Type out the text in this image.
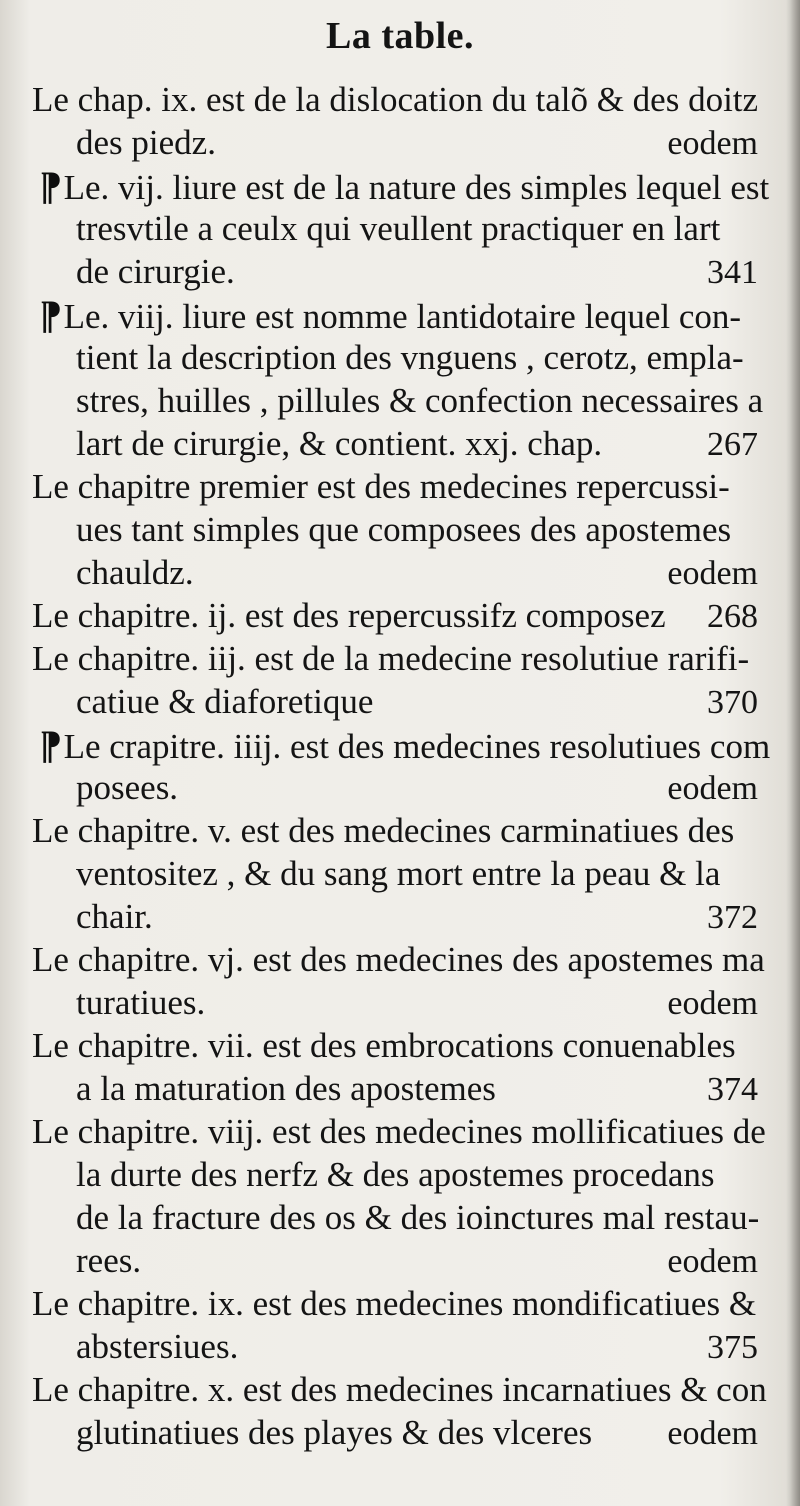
La table.
Le chap. ix. est de la dislocation du talõ & des doitz
des piedz.	eodem
¶Le. vij. liure est de la nature des simples lequel est
tresvtile a ceulx qui veullent practiquer en lart
de cirurgie.	341
¶Le. viij. liure est nomme lantidotaire lequel con-
tient la description des vnguens , cerotz, empla-
stres, huilles , pillules & confection necessaires a
lart de cirurgie, & contient. xxj. chap.	267
Le chapitre premier est des medecines repercussi-
ues tant simples que composees des apostemes
chauldz.	eodem
Le chapitre. ij. est des repercussifz composez 268
Le chapitre. iij. est de la medecine resolutiue rarifi-
catiue & diaforetique	370
¶Le crapitre. iiij. est des medecines resolutiues com
posees.	eodem
Le chapitre. v. est des medecines carminatiues des
ventositez , & du sang mort entre la peau & la
chair.	372
Le chapitre. vj. est des medecines des apostemes ma
turatiues.	eodem
Le chapitre. vii. est des embrocations conuenables
a la maturation des apostemes	374
Le chapitre. viij. est des medecines mollificatiues de
la durte des nerfz & des apostemes procedans
de la fracture des os & des ioinctures mal restau-
rees.	eodem
Le chapitre. ix. est des medecines mondificatiues &
abstersiues.	375
Le chapitre. x. est des medecines incarnatiues & con
glutinatiues des playes & des vlceres eodem
